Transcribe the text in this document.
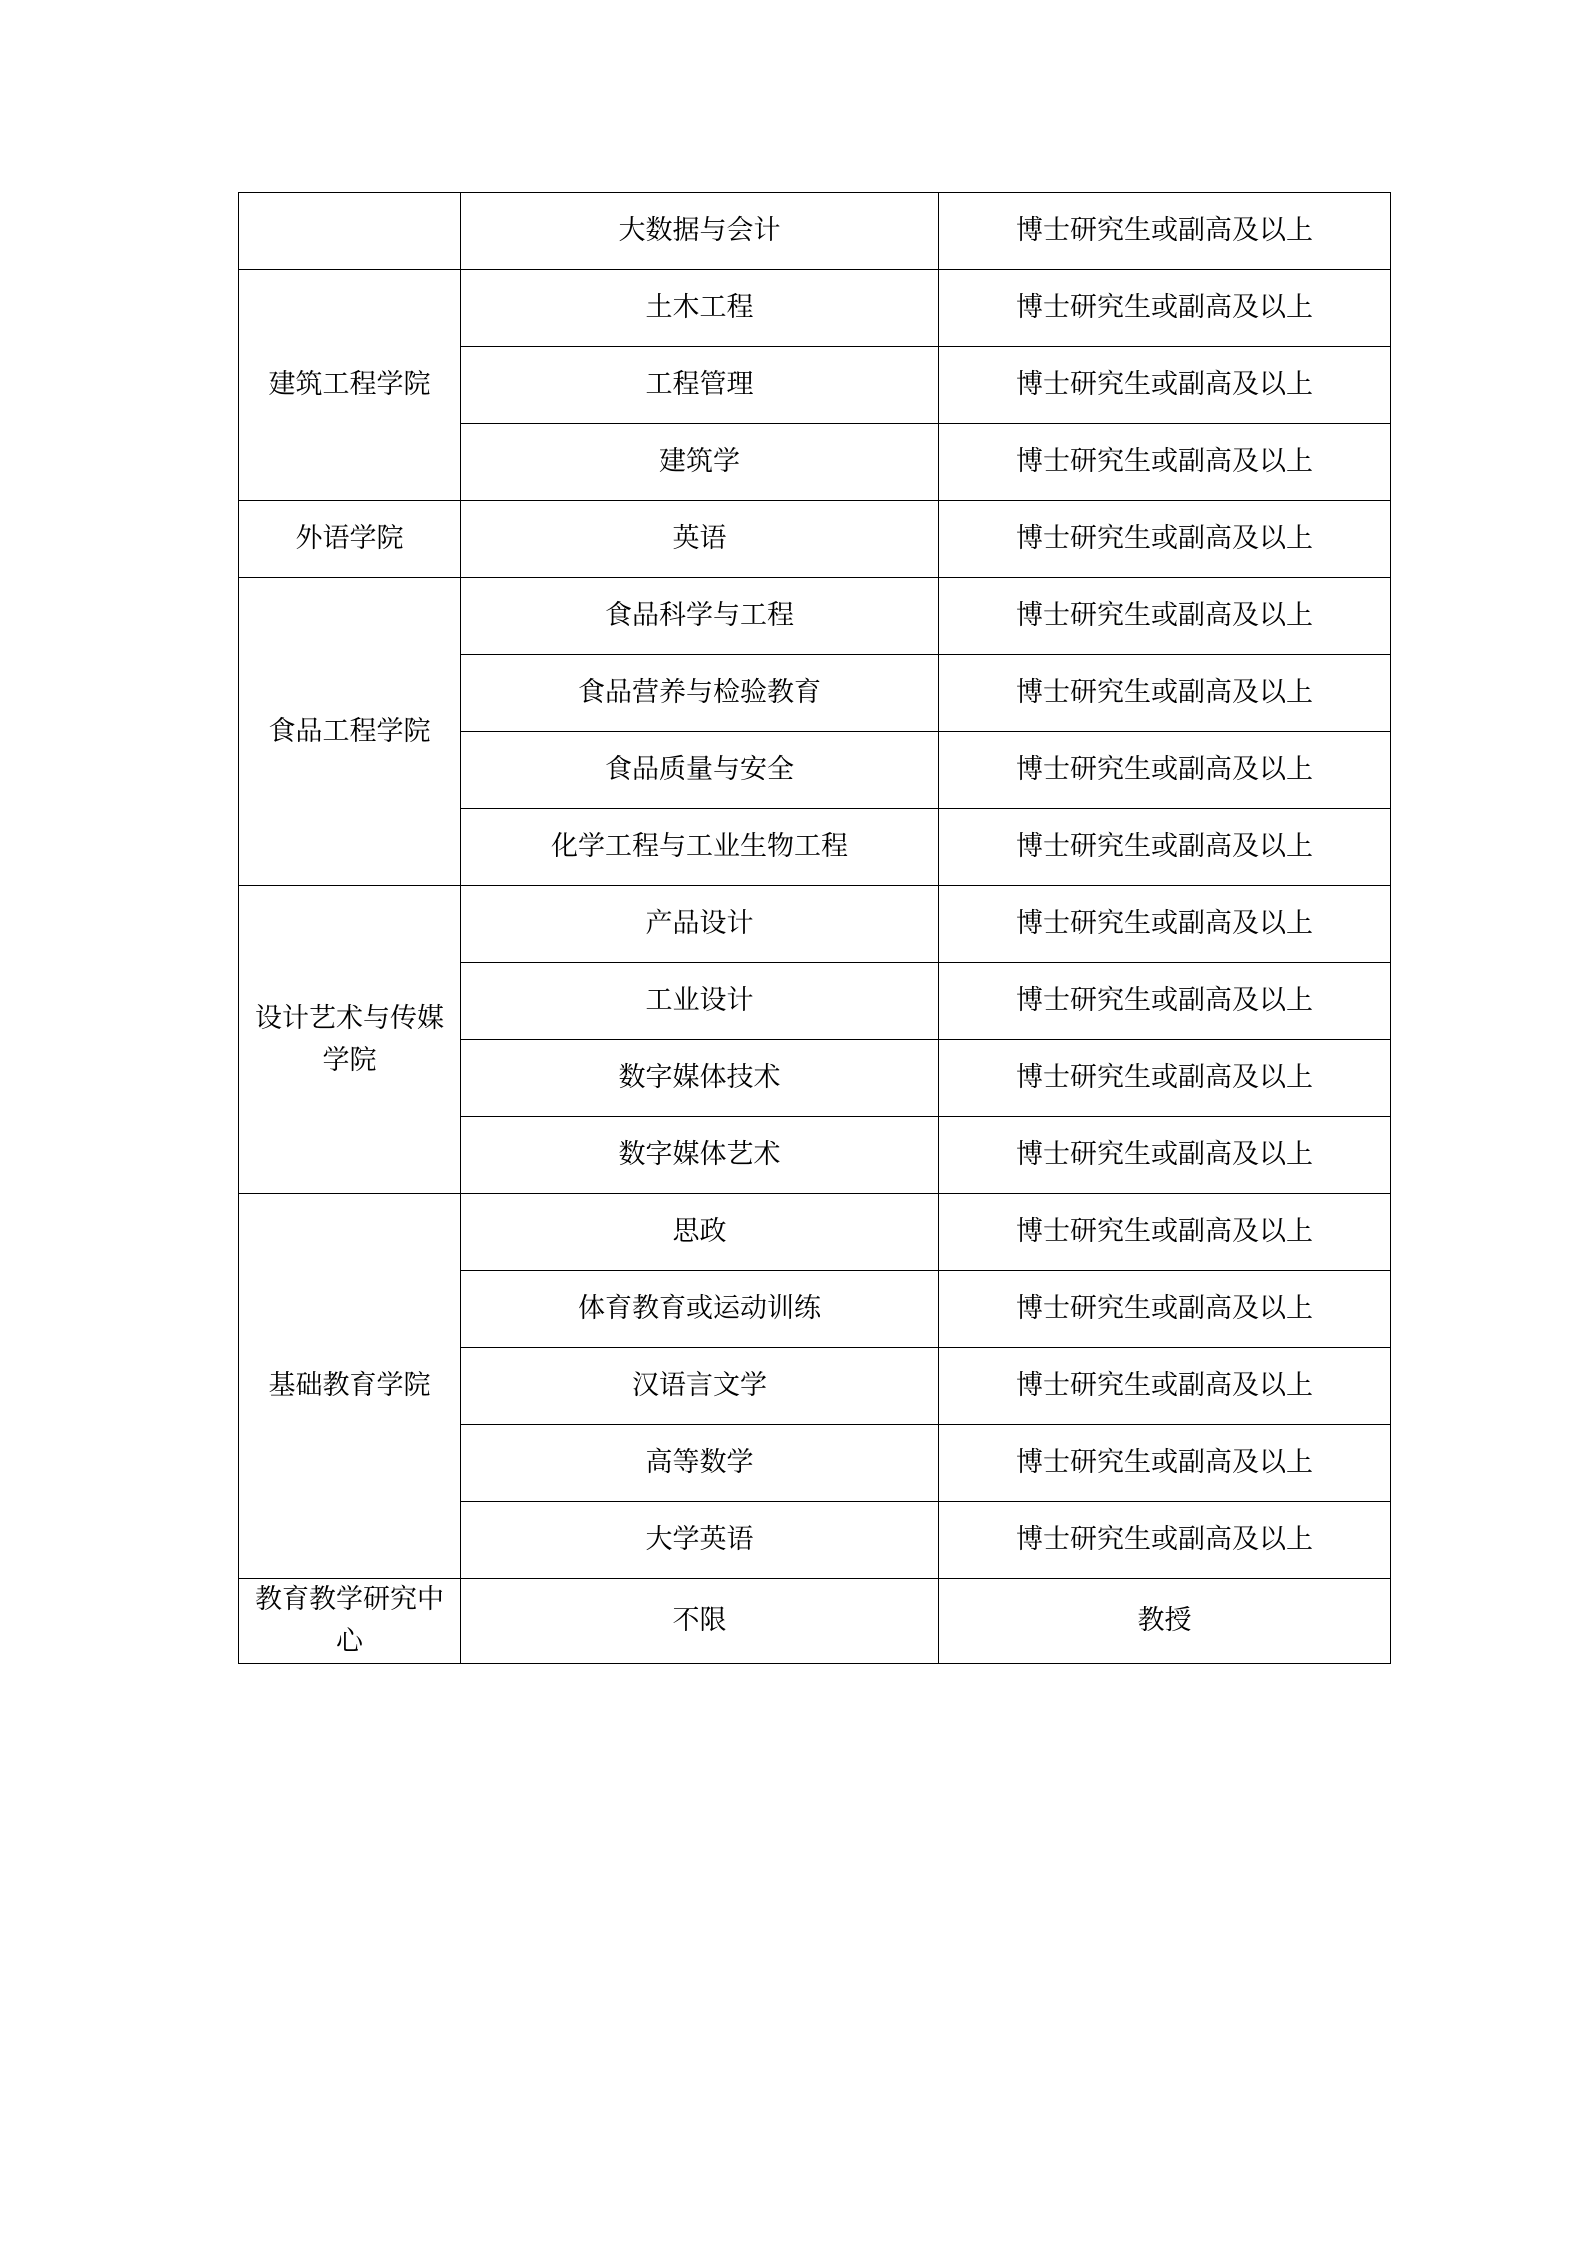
	大数据与会计	博士研究生或副高及以上
建筑工程学院	土木工程	博士研究生或副高及以上
	工程管理	博士研究生或副高及以上
	建筑学	博士研究生或副高及以上
外语学院	英语	博士研究生或副高及以上
食品工程学院	食品科学与工程	博士研究生或副高及以上
	食品营养与检验教育	博士研究生或副高及以上
	食品质量与安全	博士研究生或副高及以上
	化学工程与工业生物工程	博士研究生或副高及以上
设计艺术与传媒学院	产品设计	博士研究生或副高及以上
	工业设计	博士研究生或副高及以上
	数字媒体技术	博士研究生或副高及以上
	数字媒体艺术	博士研究生或副高及以上
基础教育学院	思政	博士研究生或副高及以上
	体育教育或运动训练	博士研究生或副高及以上
	汉语言文学	博士研究生或副高及以上
	高等数学	博士研究生或副高及以上
	大学英语	博士研究生或副高及以上
教育教学研究中心	不限	教授
